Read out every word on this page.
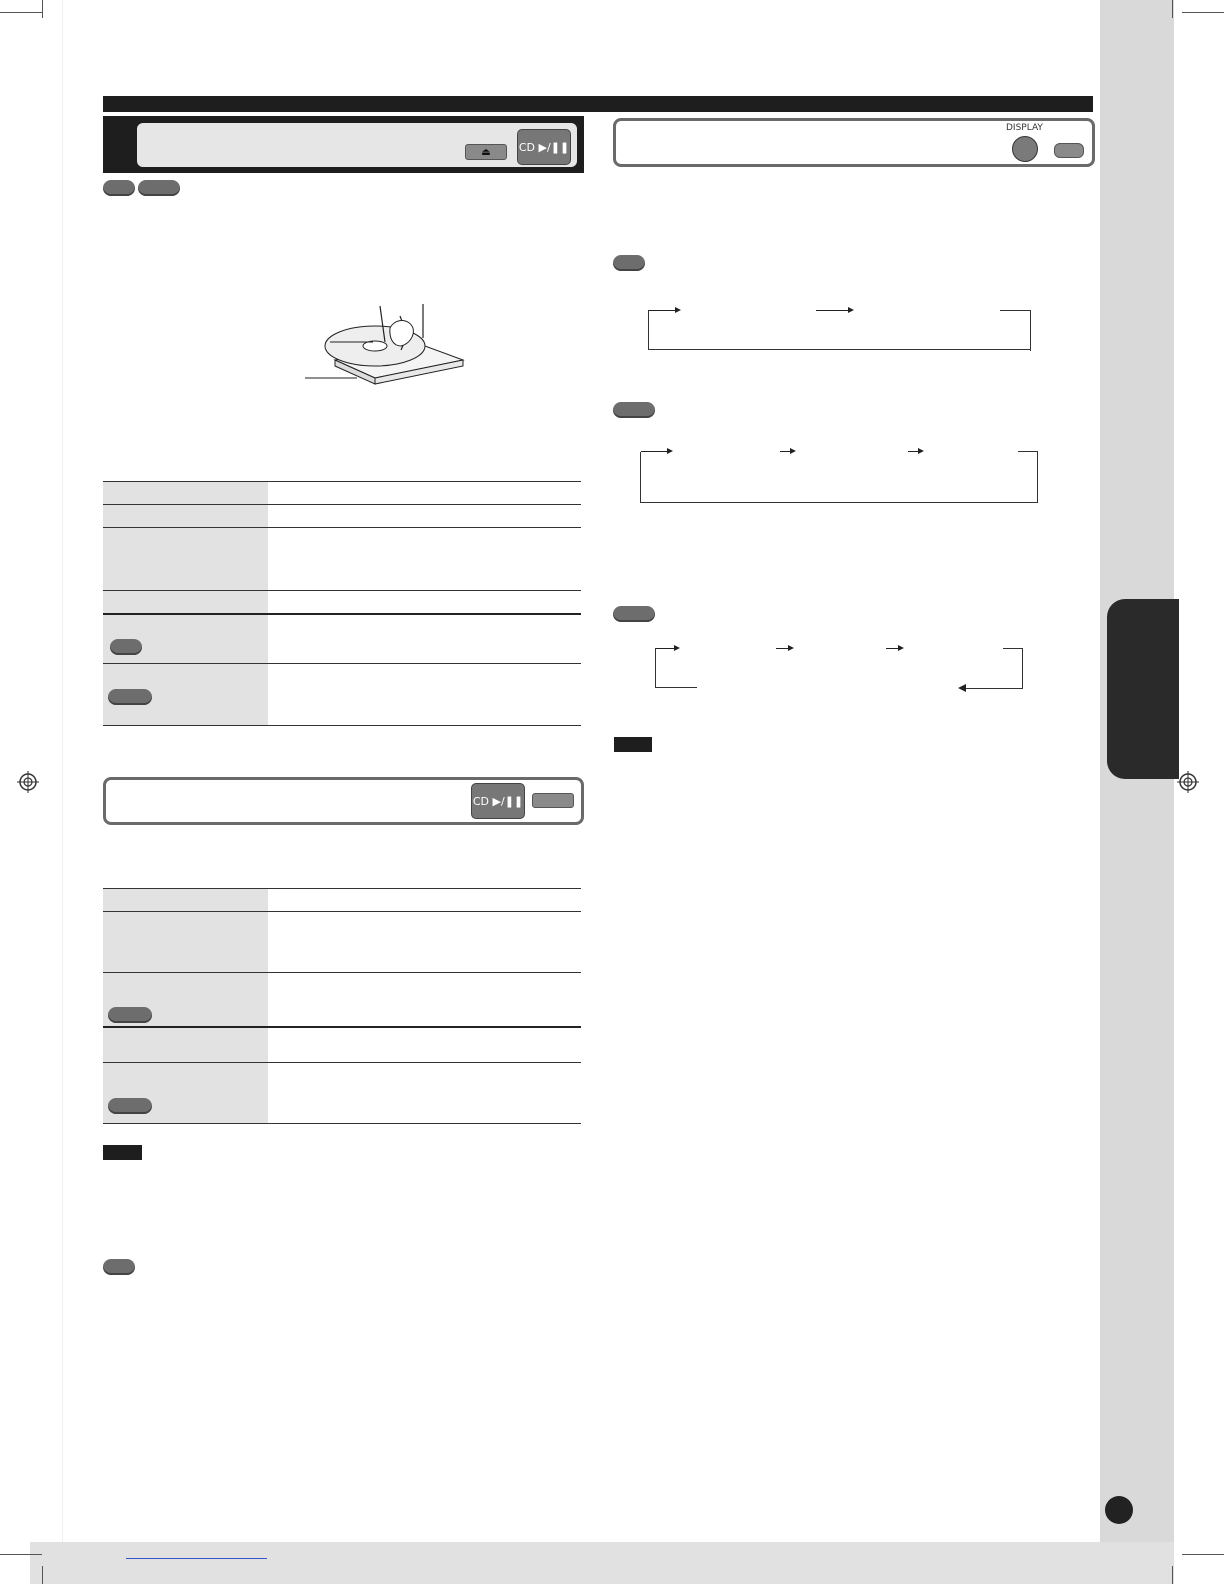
⏏	CD ▶/❚❚
CD ▶/❚❚
DISPLAY
